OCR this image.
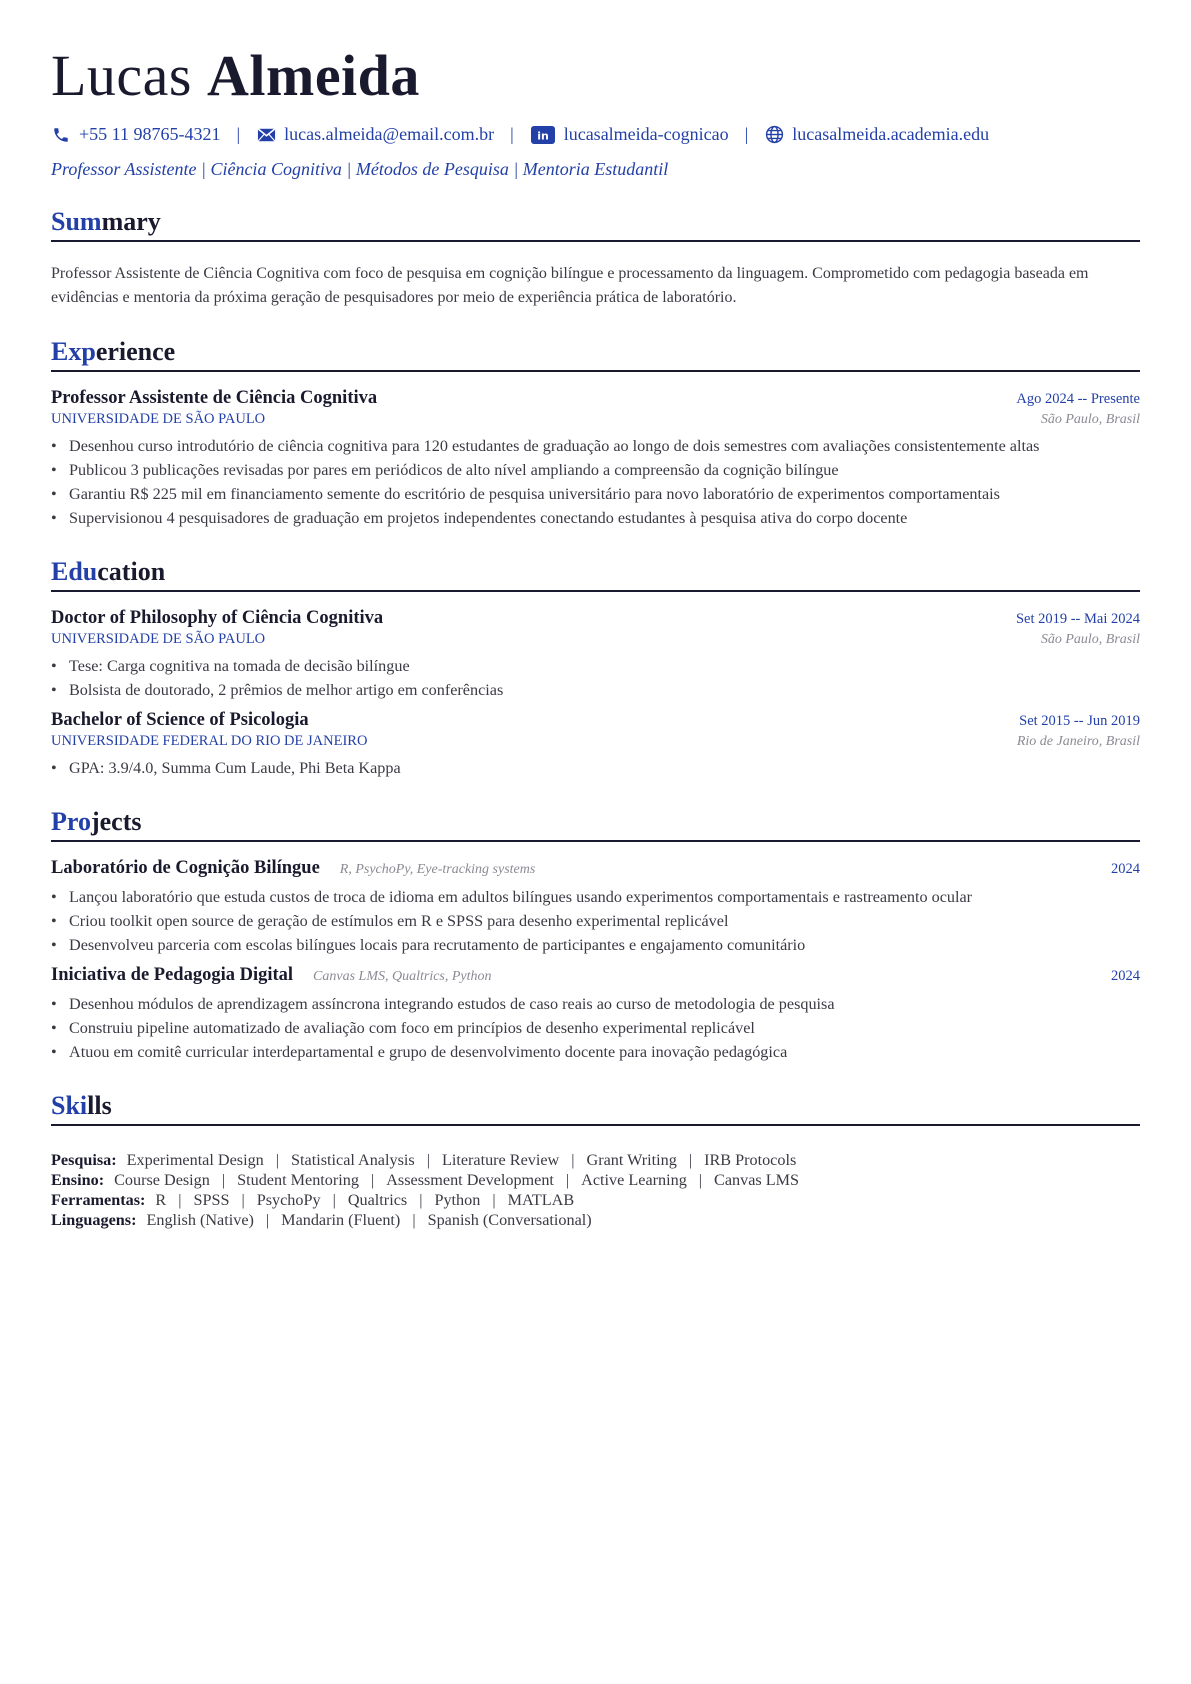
Lucas Almeida
+55 11 98765-4321 | lucas.almeida@email.com.br | in lucasalmeida-cognicao | lucasalmeida.academia.edu
Professor Assistente | Ciência Cognitiva | Métodos de Pesquisa | Mentoria Estudantil
Summary
Professor Assistente de Ciência Cognitiva com foco de pesquisa em cognição bilíngue e processamento da linguagem. Comprometido com pedagogia baseada em evidências e mentoria da próxima geração de pesquisadores por meio de experiência prática de laboratório.
Experience
Professor Assistente de Ciência Cognitiva	Ago 2024 -- Presente
UNIVERSIDADE DE SÃO PAULO	São Paulo, Brasil
• Desenhou curso introdutório de ciência cognitiva para 120 estudantes de graduação ao longo de dois semestres com avaliações consistentemente altas
• Publicou 3 publicações revisadas por pares em periódicos de alto nível ampliando a compreensão da cognição bilíngue
• Garantiu R$ 225 mil em financiamento semente do escritório de pesquisa universitário para novo laboratório de experimentos comportamentais
• Supervisionou 4 pesquisadores de graduação em projetos independentes conectando estudantes à pesquisa ativa do corpo docente
Education
Doctor of Philosophy of Ciência Cognitiva	Set 2019 -- Mai 2024
UNIVERSIDADE DE SÃO PAULO	São Paulo, Brasil
• Tese: Carga cognitiva na tomada de decisão bilíngue
• Bolsista de doutorado, 2 prêmios de melhor artigo em conferências
Bachelor of Science of Psicologia	Set 2015 -- Jun 2019
UNIVERSIDADE FEDERAL DO RIO DE JANEIRO	Rio de Janeiro, Brasil
• GPA: 3.9/4.0, Summa Cum Laude, Phi Beta Kappa
Projects
Laboratório de Cognição Bilíngue R, PsychoPy, Eye-tracking systems	2024
• Lançou laboratório que estuda custos de troca de idioma em adultos bilíngues usando experimentos comportamentais e rastreamento ocular
• Criou toolkit open source de geração de estímulos em R e SPSS para desenho experimental replicável
• Desenvolveu parceria com escolas bilíngues locais para recrutamento de participantes e engajamento comunitário
Iniciativa de Pedagogia Digital Canvas LMS, Qualtrics, Python	2024
• Desenhou módulos de aprendizagem assíncrona integrando estudos de caso reais ao curso de metodologia de pesquisa
• Construiu pipeline automatizado de avaliação com foco em princípios de desenho experimental replicável
• Atuou em comitê curricular interdepartamental e grupo de desenvolvimento docente para inovação pedagógica
Skills
Pesquisa: Experimental Design | Statistical Analysis | Literature Review | Grant Writing | IRB Protocols
Ensino: Course Design | Student Mentoring | Assessment Development | Active Learning | Canvas LMS
Ferramentas: R | SPSS | PsychoPy | Qualtrics | Python | MATLAB
Linguagens: English (Native) | Mandarin (Fluent) | Spanish (Conversational)
